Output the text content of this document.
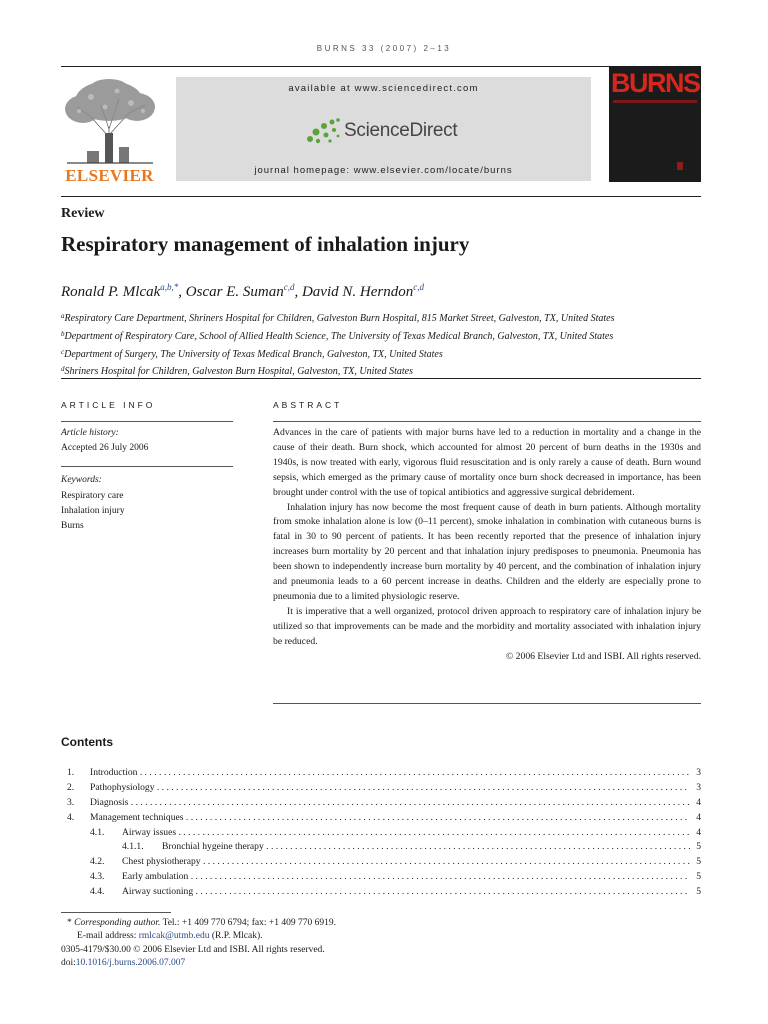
BURNS 33 (2007) 2–13
ELSEVIER
available at www.sciencedirect.com
ScienceDirect
journal homepage: www.elsevier.com/locate/burns
BURNS
Review
Respiratory management of inhalation injury
Ronald P. Mlcak$^{a,b,*}$, Oscar E. Suman$^{c,d}$, David N. Herndon$^{c,d}$
$^a$Respiratory Care Department, Shriners Hospital for Children, Galveston Burn Hospital, 815 Market Street, Galveston, TX, United States
$^b$Department of Respiratory Care, School of Allied Health Science, The University of Texas Medical Branch, Galveston, TX, United States
$^c$Department of Surgery, The University of Texas Medical Branch, Galveston, TX, United States
$^d$Shriners Hospital for Children, Galveston Burn Hospital, Galveston, TX, United States
ARTICLE INFO
Article history:
Accepted 26 July 2006
Keywords:
Respiratory care
Inhalation injury
Burns
ABSTRACT

Advances in the care of patients with major burns have led to a reduction in mortality and a change in the cause of their death. Burn shock, which accounted for almost 20 percent of burn deaths in the 1930s and 1940s, is now treated with early, vigorous fluid resuscitation and is only rarely a cause of death. Burn wound sepsis, which emerged as the primary cause of mortality once burn shock decreased in importance, has been brought under control with the use of topical antibiotics and aggressive surgical debridement.

Inhalation injury has now become the most frequent cause of death in burn patients. Although mortality from smoke inhalation alone is low (0–11 percent), smoke inhalation in combination with cutaneous burns is fatal in 30 to 90 percent of patients. It has been recently reported that the presence of inhalation injury increases burn mortality by 20 percent and that inhalation injury predisposes to pneumonia. Pneumonia has been shown to independently increase burn mortality by 40 percent, and the combination of inhalation injury and pneumonia leads to a 60 percent increase in deaths. Children and the elderly are especially prone to pneumonia due to a limited physiologic reserve.

It is imperative that a well organized, protocol driven approach to respiratory care of inhalation injury be utilized so that improvements can be made and the morbidity and mortality associated with inhalation injury be reduced.

© 2006 Elsevier Ltd and ISBI. All rights reserved.
Contents
1. Introduction . . .	3
2. Pathophysiology . . .	3
3. Diagnosis . . .	4
4. Management techniques . . .	4
4.1. Airway issues . . .	4
4.1.1. Bronchial hygeine therapy . . .	5
4.2. Chest physiotherapy . . .	5
4.3. Early ambulation . . .	5
4.4. Airway suctioning . . .	5
* Corresponding author. Tel.: +1 409 770 6794; fax: +1 409 770 6919.
E-mail address: rmlcak@utmb.edu (R.P. Mlcak).
0305-4179/$30.00 © 2006 Elsevier Ltd and ISBI. All rights reserved.
doi:10.1016/j.burns.2006.07.007
